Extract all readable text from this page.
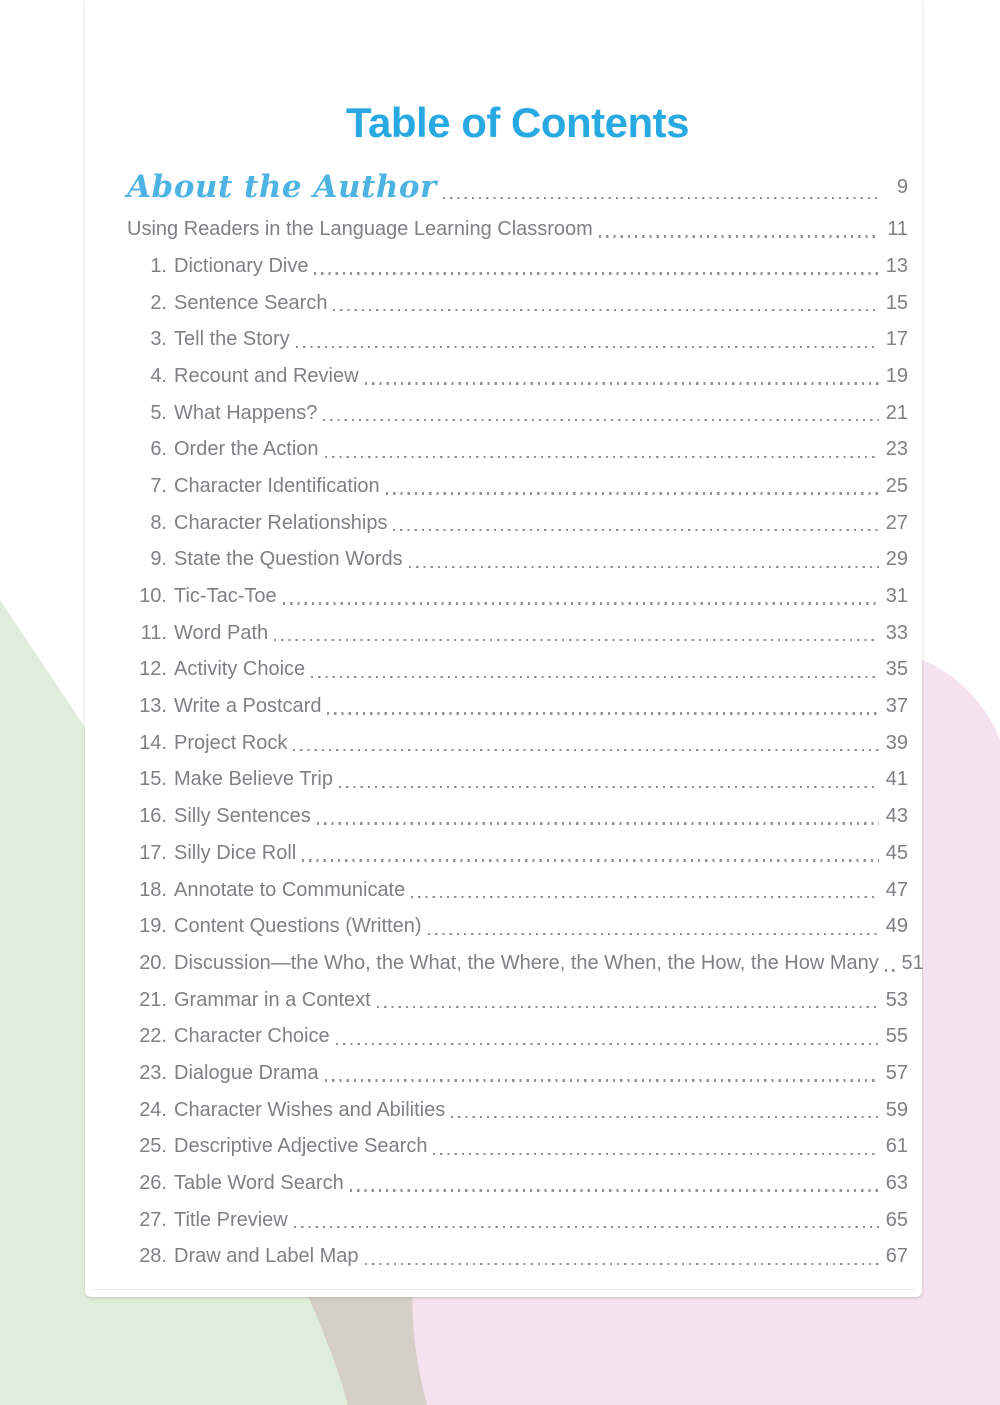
Table of Contents
About the Author	9
Using Readers in the Language Learning Classroom	11
1. Dictionary Dive	13
2. Sentence Search	15
3. Tell the Story	17
4. Recount and Review	19
5. What Happens?	21
6. Order the Action	23
7. Character Identification	25
8. Character Relationships	27
9. State the Question Words	29
10. Tic-Tac-Toe	31
11. Word Path	33
12. Activity Choice	35
13. Write a Postcard	37
14. Project Rock	39
15. Make Believe Trip	41
16. Silly Sentences	43
17. Silly Dice Roll	45
18. Annotate to Communicate	47
19. Content Questions (Written)	49
20. Discussion—the Who, the What, the Where, the When, the How, the How Many 51
21. Grammar in a Context	53
22. Character Choice	55
23. Dialogue Drama	57
24. Character Wishes and Abilities	59
25. Descriptive Adjective Search	61
26. Table Word Search	63
27. Title Preview	65
28. Draw and Label Map	67
